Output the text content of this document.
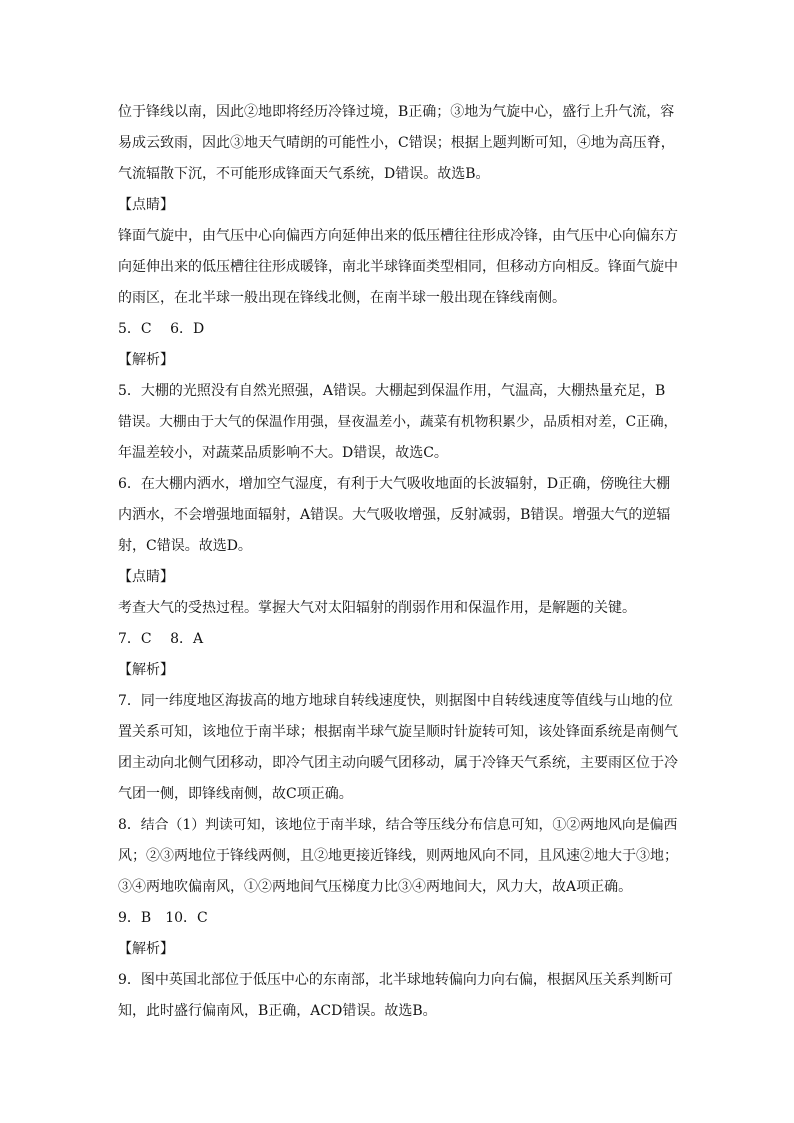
位于锋线以南，因此②地即将经历冷锋过境，B正确；③地为气旋中心，盛行上升气流，容
易成云致雨，因此③地天气晴朗的可能性小，C错误；根据上题判断可知，④地为高压脊，
气流辐散下沉，不可能形成锋面天气系统，D错误。故选B。
【点睛】
锋面气旋中，由气压中心向偏西方向延伸出来的低压槽往往形成冷锋，由气压中心向偏东方
向延伸出来的低压槽往往形成暖锋，南北半球锋面类型相同，但移动方向相反。锋面气旋中
的雨区，在北半球一般出现在锋线北侧，在南半球一般出现在锋线南侧。
5．C　 6．D
【解析】
5．大棚的光照没有自然光照强，A错误。大棚起到保温作用，气温高，大棚热量充足，B
错误。大棚由于大气的保温作用强，昼夜温差小，蔬菜有机物积累少，品质相对差，C正确，
年温差较小，对蔬菜品质影响不大。D错误，故选C。
6．在大棚内洒水，增加空气湿度，有利于大气吸收地面的长波辐射，D正确，傍晚往大棚
内洒水，不会增强地面辐射，A错误。大气吸收增强，反射减弱，B错误。增强大气的逆辐
射，C错误。故选D。
【点睛】
考查大气的受热过程。掌握大气对太阳辐射的削弱作用和保温作用，是解题的关键。
7．C　 8．A
【解析】
7．同一纬度地区海拔高的地方地球自转线速度快，则据图中自转线速度等值线与山地的位
置关系可知，该地位于南半球；根据南半球气旋呈顺时针旋转可知，该处锋面系统是南侧气
团主动向北侧气团移动，即冷气团主动向暖气团移动，属于冷锋天气系统，主要雨区位于冷
气团一侧，即锋线南侧，故C项正确。
8．结合（1）判读可知，该地位于南半球，结合等压线分布信息可知，①②两地风向是偏西
风；②③两地位于锋线两侧，且②地更接近锋线，则两地风向不同，且风速②地大于③地；
③④两地吹偏南风，①②两地间气压梯度力比③④两地间大，风力大，故A项正确。
9．B　10．C
【解析】
9．图中英国北部位于低压中心的东南部，北半球地转偏向力向右偏，根据风压关系判断可
知，此时盛行偏南风，B正确，ACD错误。故选B。
